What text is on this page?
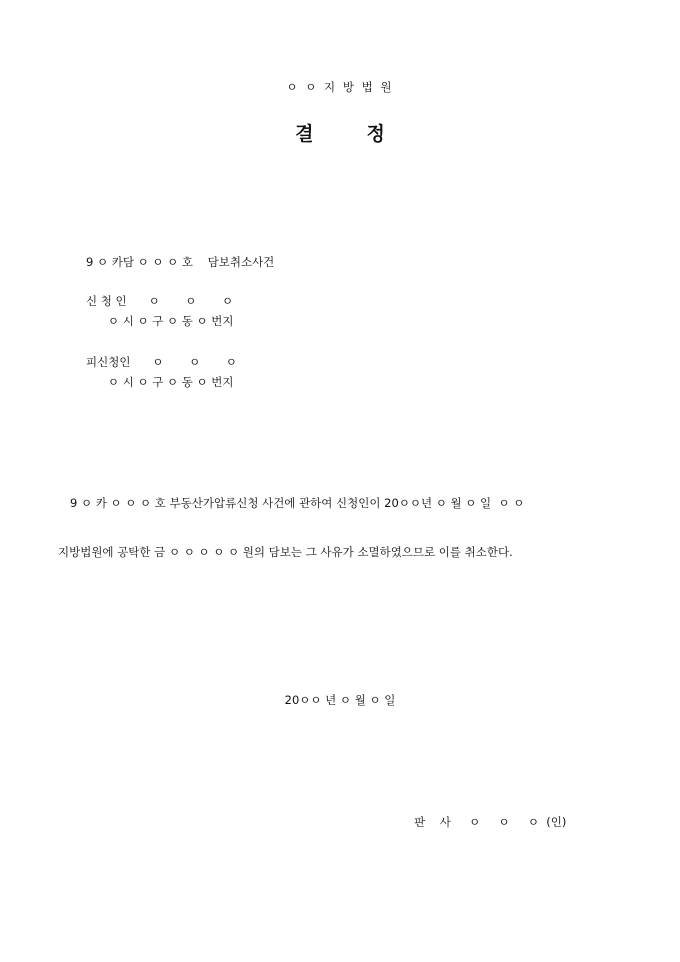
ㅇ ㅇ 지 방 법 원
결        정
9 ㅇ 카담 ㅇ ㅇ ㅇ 호    담보취소사건
신 청 인      ㅇ       ㅇ       ㅇ
ㅇ 시 ㅇ 구 ㅇ 동 ㅇ 번지
피신청인      ㅇ       ㅇ       ㅇ
ㅇ 시 ㅇ 구 ㅇ 동 ㅇ 번지
9 ㅇ 카 ㅇ ㅇ ㅇ 호 부동산가압류신청 사건에 관하여 신청인이 20ㅇㅇ년 ㅇ 월 ㅇ 일  ㅇ ㅇ
지방법원에 공탁한 금 ㅇ ㅇ ㅇ ㅇ ㅇ 원의 담보는 그 사유가 소멸하였으므로 이를 취소한다.
20ㅇㅇ 년 ㅇ 월 ㅇ 일
판    사     ㅇ     ㅇ     ㅇ  (인)
